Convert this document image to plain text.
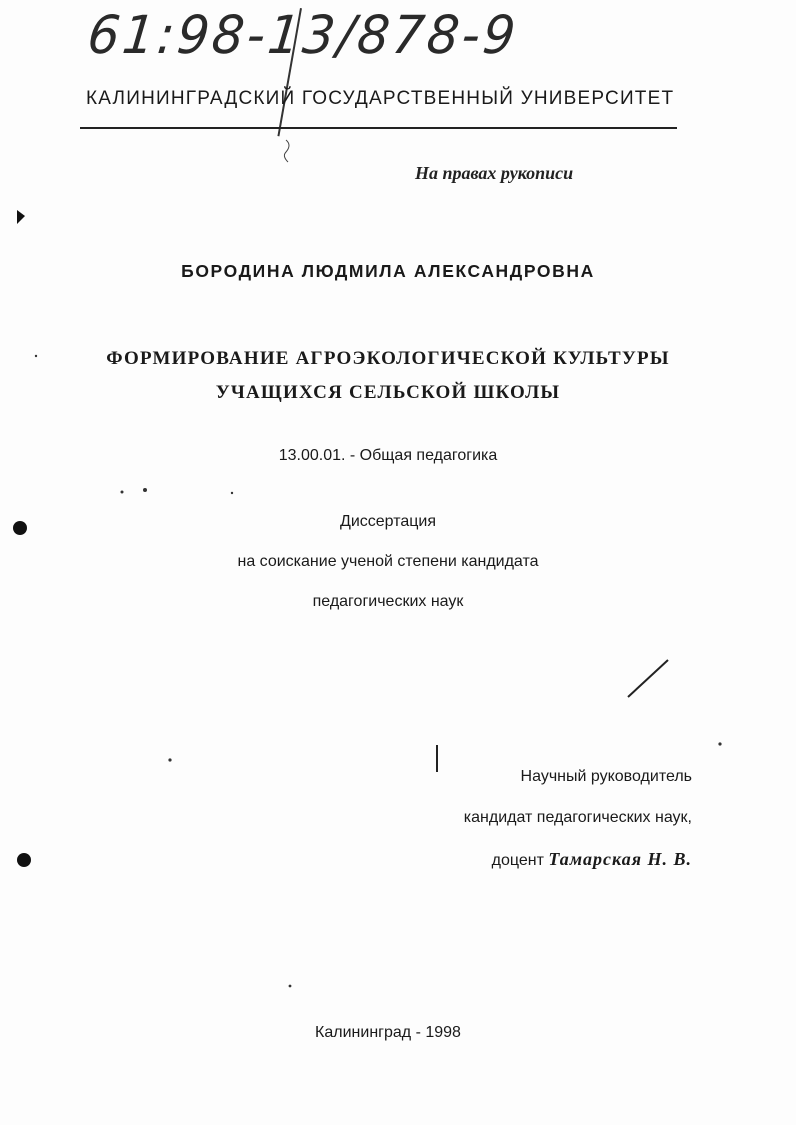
61:98-13/878-9
КАЛИНИНГРАДСКИЙ ГОСУДАРСТВЕННЫЙ УНИВЕРСИТЕТ
На правах рукописи
БОРОДИНА ЛЮДМИЛА АЛЕКСАНДРОВНА
ФОРМИРОВАНИЕ АГРОЭКОЛОГИЧЕСКОЙ КУЛЬТУРЫ
УЧАЩИХСЯ СЕЛЬСКОЙ ШКОЛЫ
13.00.01. - Общая педагогика
Диссертация
на соискание ученой степени кандидата
педагогических наук
Научный руководитель
кандидат педагогических наук,
доцент Тамарская Н. В.
Калининград - 1998
